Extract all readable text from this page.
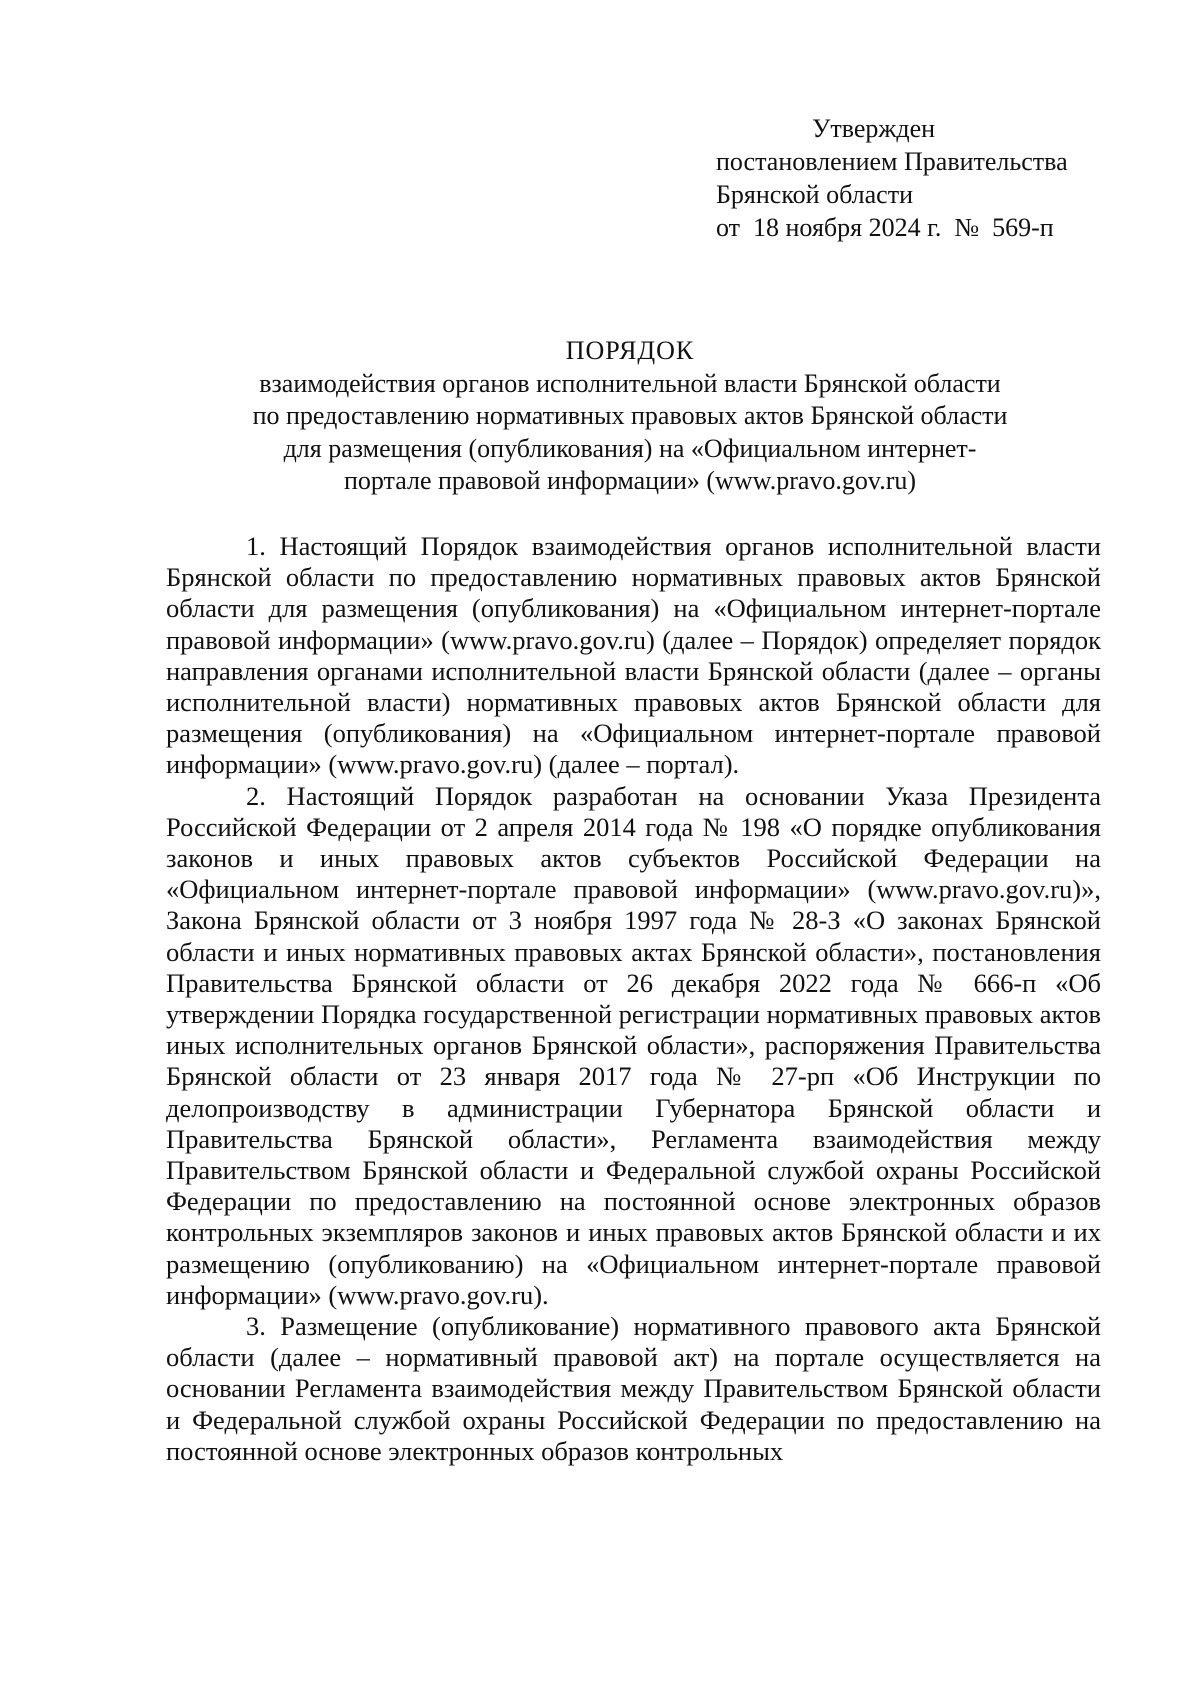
Утвержден
постановлением Правительства
Брянской области
от  18 ноября 2024 г.  №  569-п
ПОРЯДОК
взаимодействия органов исполнительной власти Брянской области
по предоставлению нормативных правовых актов Брянской области
для размещения (опубликования) на «Официальном интернет-
портале правовой информации» (www.pravo.gov.ru)

1. Настоящий Порядок взаимодействия органов исполнительной власти Брянской области по предоставлению нормативных правовых актов Брянской области для размещения (опубликования) на «Официальном интернет-портале правовой информации» (www.pravo.gov.ru) (далее – Порядок) определяет порядок направления органами исполнительной власти Брянской области (далее – органы исполнительной власти) нормативных правовых актов Брянской области для размещения (опубликования) на «Официальном интернет-портале правовой информации» (www.pravo.gov.ru) (далее – портал).

2. Настоящий Порядок разработан на основании Указа Президента Российской Федерации от 2 апреля 2014 года № 198 «О порядке опубликования законов и иных правовых актов субъектов Российской Федерации на «Официальном интернет-портале правовой информации» (www.pravo.gov.ru)», Закона Брянской области от 3 ноября 1997 года № 28-З «О законах Брянской области и иных нормативных правовых актах Брянской области», постановления Правительства Брянской области от 26 декабря 2022 года № 666-п «Об утверждении Порядка государственной регистрации нормативных правовых актов иных исполнительных органов Брянской области», распоряжения Правительства Брянской области от 23 января 2017 года № 27-рп «Об Инструкции по делопроизводству в администрации Губернатора Брянской области и Правительства Брянской области», Регламента взаимодействия между Правительством Брянской области и Федеральной службой охраны Российской Федерации по предоставлению на постоянной основе электронных образов контрольных экземпляров законов и иных правовых актов Брянской области и их размещению (опубликованию) на «Официальном интернет-портале правовой информации» (www.pravo.gov.ru).

3. Размещение (опубликование) нормативного правового акта Брянской области (далее – нормативный правовой акт) на портале осуществляется на основании Регламента взаимодействия между Правительством Брянской области и Федеральной службой охраны Российской Федерации по предоставлению на постоянной основе электронных образов контрольных
